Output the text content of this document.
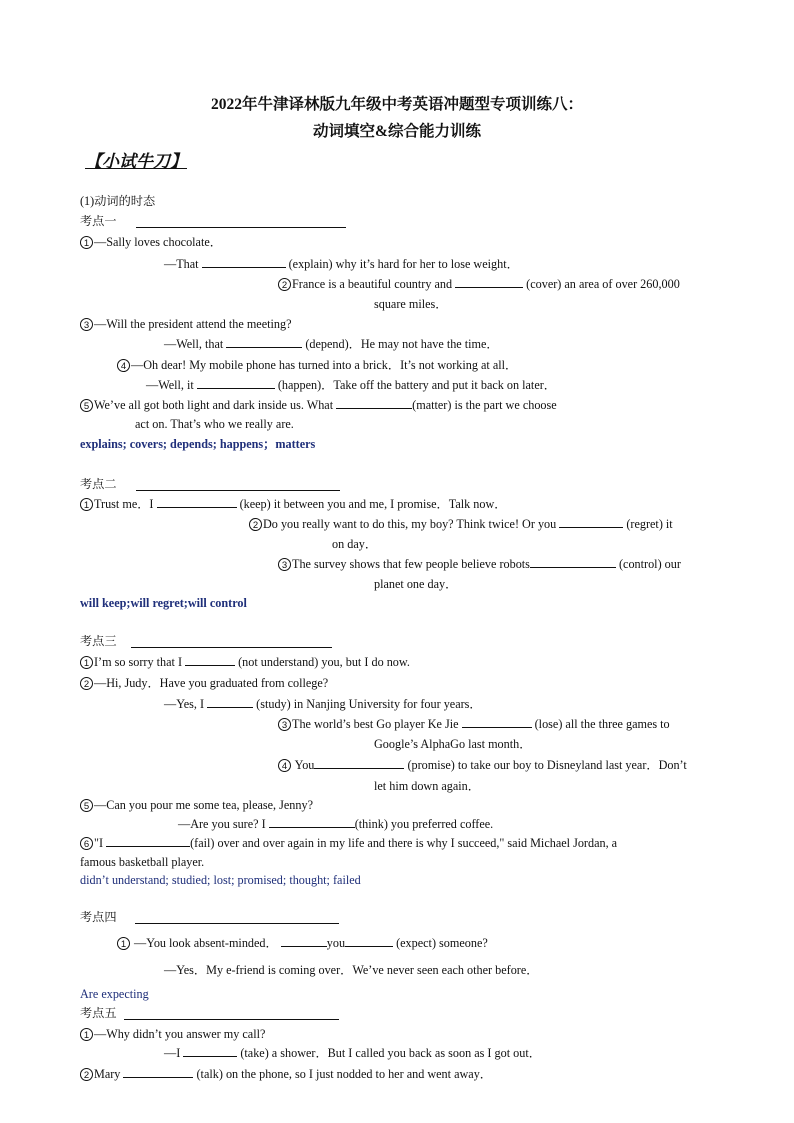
2022年牛津译林版九年级中考英语冲题型专项训练八：
动词填空&综合能力训练
【小试牛刀】
(1)动词的时态
考点一
1 —Sally loves chocolate．
—That	(explain) why it’s hard for her to lose weight．
2 France is a beautiful country and	(cover) an area of over 260,000
square miles．
3 —Will the president attend the meeting?
—Well, that	(depend)．He may not have the time．
4 —Oh dear! My mobile phone has turned into a brick．It’s not working at all．
—Well, it	(happen)．Take off the battery and put it back on later．
5 We’ve all got both light and dark inside us. What	(matter) is the part we choose
act on. That’s who we really are.
explains; covers; depends; happens；matters
考点二
1 Trust me．I	(keep) it between you and me, I promise．Talk now．
2 Do you really want to do this, my boy? Think twice! Or you	(regret) it
on day．
3 The survey shows that few people believe robots	(control) our
planet one day．
will keep;will regret;will control
考点三
1 I’m so sorry that I	(not understand) you, but I do now.
2 —Hi, Judy．Have you graduated from college?
—Yes, I	(study) in Nanjing University for four years．
3 The world’s best Go player Ke Jie	(lose) all the three games to
Google’s AlphaGo last month．
4 You	(promise) to take our boy to Disneyland last year．Don’t
let him down again．
5 —Can you pour me some tea, please, Jenny?
—Are you sure? I	(think) you preferred coffee.
6 "I	(fail) over and over again in my life and there is why I succeed," said Michael Jordan, a
famous basketball player.
didn’t understand; studied; lost; promised; thought; failed
考点四
1 —You look absent-minded．	you	(expect) someone?
—Yes．My e-friend is coming over．We’ve never seen each other before．
Are expecting
考点五
1 —Why didn’t you answer my call?
—I	(take) a shower．But I called you back as soon as I got out．
2 Mary	(talk) on the phone, so I just nodded to her and went away．
